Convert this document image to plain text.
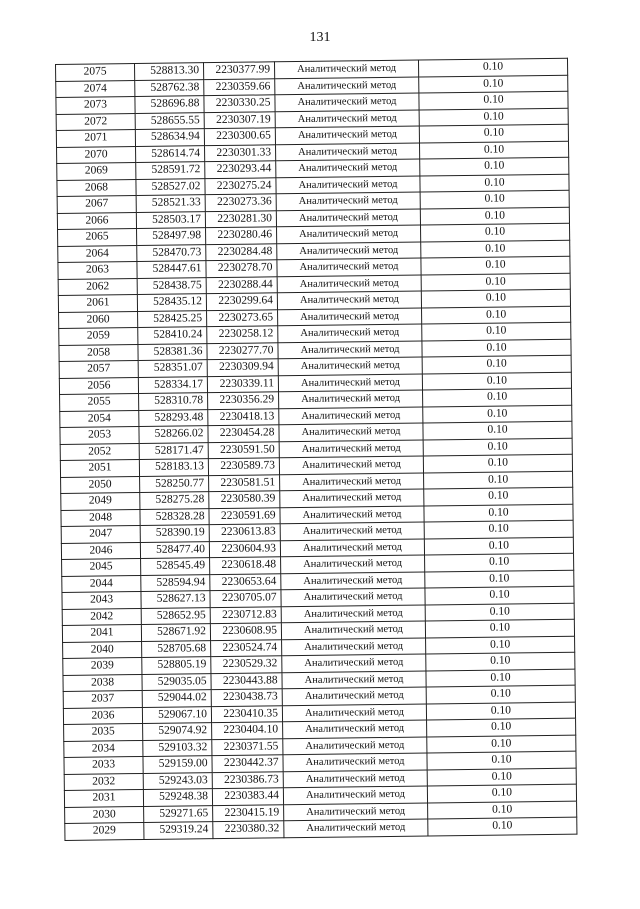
131
2075	528813.30	2230377.99	Аналитический метод	0.10
2074	528762.38	2230359.66	Аналитический метод	0.10
2073	528696.88	2230330.25	Аналитический метод	0.10
2072	528655.55	2230307.19	Аналитический метод	0.10
2071	528634.94	2230300.65	Аналитический метод	0.10
2070	528614.74	2230301.33	Аналитический метод	0.10
2069	528591.72	2230293.44	Аналитический метод	0.10
2068	528527.02	2230275.24	Аналитический метод	0.10
2067	528521.33	2230273.36	Аналитический метод	0.10
2066	528503.17	2230281.30	Аналитический метод	0.10
2065	528497.98	2230280.46	Аналитический метод	0.10
2064	528470.73	2230284.48	Аналитический метод	0.10
2063	528447.61	2230278.70	Аналитический метод	0.10
2062	528438.75	2230288.44	Аналитический метод	0.10
2061	528435.12	2230299.64	Аналитический метод	0.10
2060	528425.25	2230273.65	Аналитический метод	0.10
2059	528410.24	2230258.12	Аналитический метод	0.10
2058	528381.36	2230277.70	Аналитический метод	0.10
2057	528351.07	2230309.94	Аналитический метод	0.10
2056	528334.17	2230339.11	Аналитический метод	0.10
2055	528310.78	2230356.29	Аналитический метод	0.10
2054	528293.48	2230418.13	Аналитический метод	0.10
2053	528266.02	2230454.28	Аналитический метод	0.10
2052	528171.47	2230591.50	Аналитический метод	0.10
2051	528183.13	2230589.73	Аналитический метод	0.10
2050	528250.77	2230581.51	Аналитический метод	0.10
2049	528275.28	2230580.39	Аналитический метод	0.10
2048	528328.28	2230591.69	Аналитический метод	0.10
2047	528390.19	2230613.83	Аналитический метод	0.10
2046	528477.40	2230604.93	Аналитический метод	0.10
2045	528545.49	2230618.48	Аналитический метод	0.10
2044	528594.94	2230653.64	Аналитический метод	0.10
2043	528627.13	2230705.07	Аналитический метод	0.10
2042	528652.95	2230712.83	Аналитический метод	0.10
2041	528671.92	2230608.95	Аналитический метод	0.10
2040	528705.68	2230524.74	Аналитический метод	0.10
2039	528805.19	2230529.32	Аналитический метод	0.10
2038	529035.05	2230443.88	Аналитический метод	0.10
2037	529044.02	2230438.73	Аналитический метод	0.10
2036	529067.10	2230410.35	Аналитический метод	0.10
2035	529074.92	2230404.10	Аналитический метод	0.10
2034	529103.32	2230371.55	Аналитический метод	0.10
2033	529159.00	2230442.37	Аналитический метод	0.10
2032	529243.03	2230386.73	Аналитический метод	0.10
2031	529248.38	2230383.44	Аналитический метод	0.10
2030	529271.65	2230415.19	Аналитический метод	0.10
2029	529319.24	2230380.32	Аналитический метод	0.10
